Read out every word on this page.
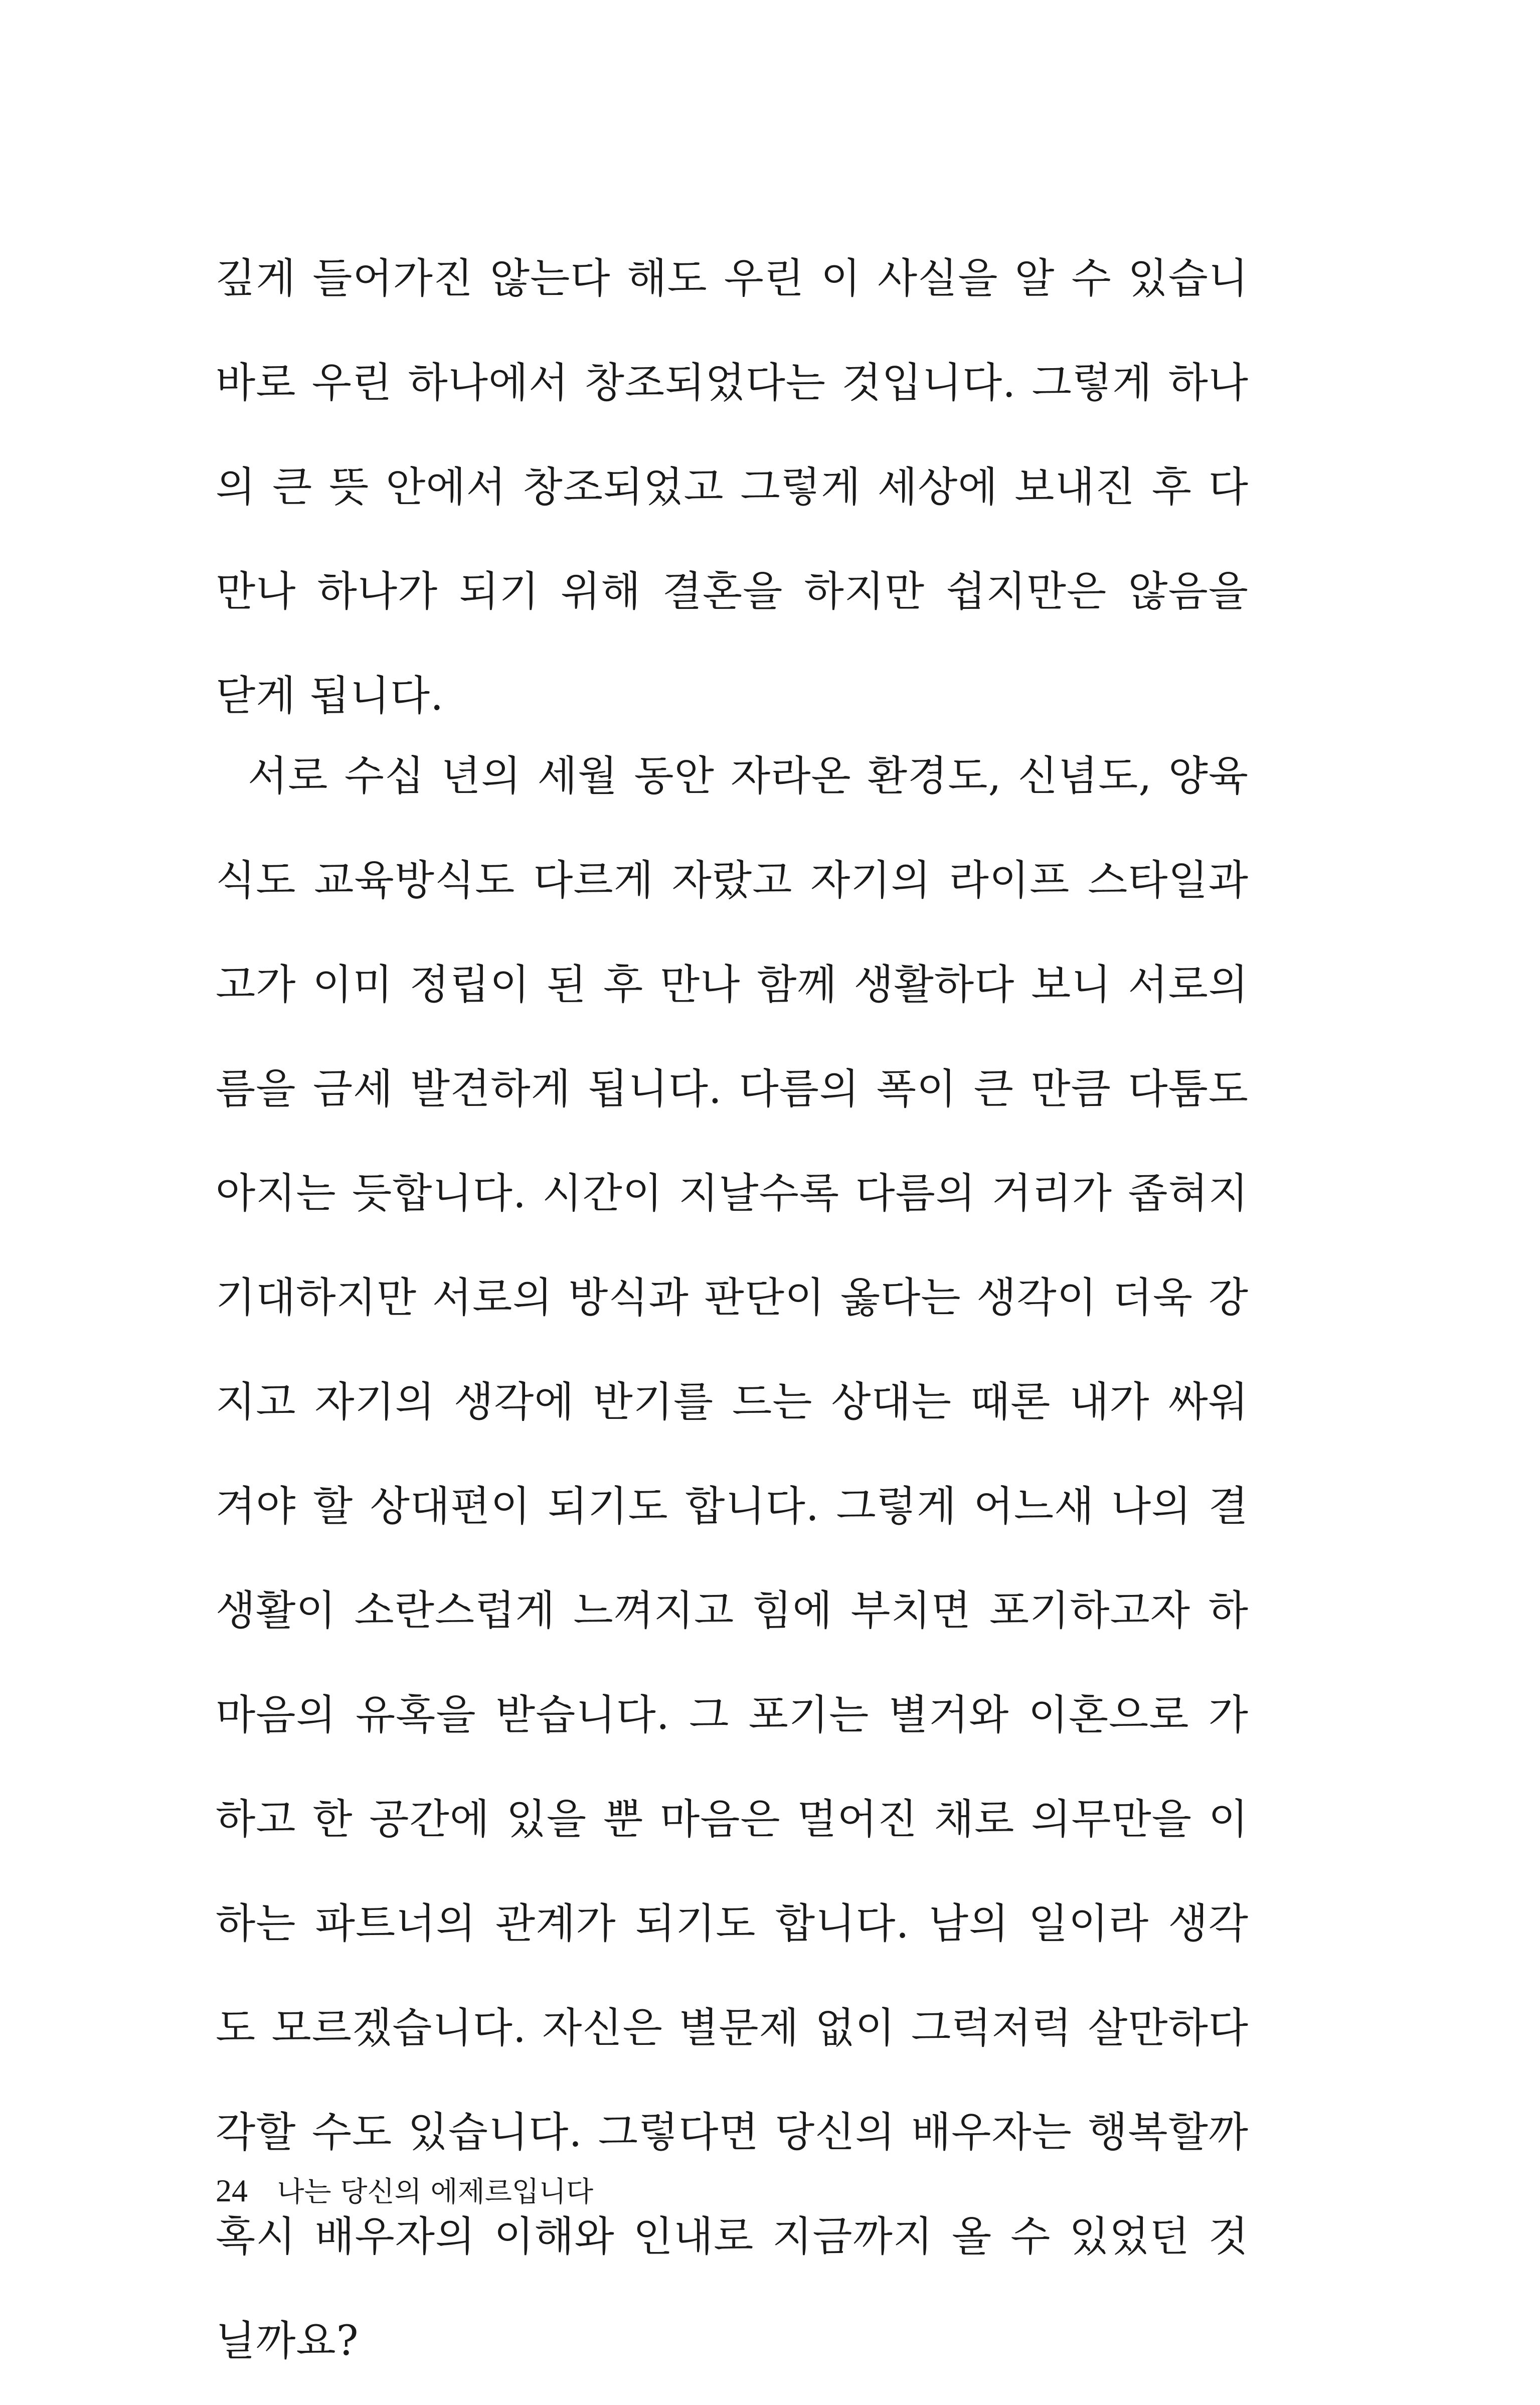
깊게 들어가진 않는다 해도 우린 이 사실을 알 수 있습니
바로 우린 하나에서 창조되었다는 것입니다. 그렇게 하나
의 큰 뜻 안에서 창조되었고 그렇게 세상에 보내진 후 다
만나 하나가 되기 위해 결혼을 하지만 쉽지만은 않음을
닫게 됩니다.
서로 수십 년의 세월 동안 자라온 환경도, 신념도, 양육
식도 교육방식도 다르게 자랐고 자기의 라이프 스타일과
고가 이미 정립이 된 후 만나 함께 생활하다 보니 서로의
름을 금세 발견하게 됩니다. 다름의 폭이 큰 만큼 다툼도
아지는 듯합니다. 시간이 지날수록 다름의 거리가 좁혀지
기대하지만 서로의 방식과 판단이 옳다는 생각이 더욱 강
지고 자기의 생각에 반기를 드는 상대는 때론 내가 싸워
겨야 할 상대편이 되기도 합니다. 그렇게 어느새 나의 결
생활이 소란스럽게 느껴지고 힘에 부치면 포기하고자 하
마음의 유혹을 받습니다. 그 포기는 별거와 이혼으로 가
하고 한 공간에 있을 뿐 마음은 멀어진 채로 의무만을 이
하는 파트너의 관계가 되기도 합니다. 남의 일이라 생각
도 모르겠습니다. 자신은 별문제 없이 그럭저럭 살만하다
각할 수도 있습니다. 그렇다면 당신의 배우자는 행복할까
혹시 배우자의 이해와 인내로 지금까지 올 수 있었던 것
닐까요?
24 나는 당신의 에제르입니다
